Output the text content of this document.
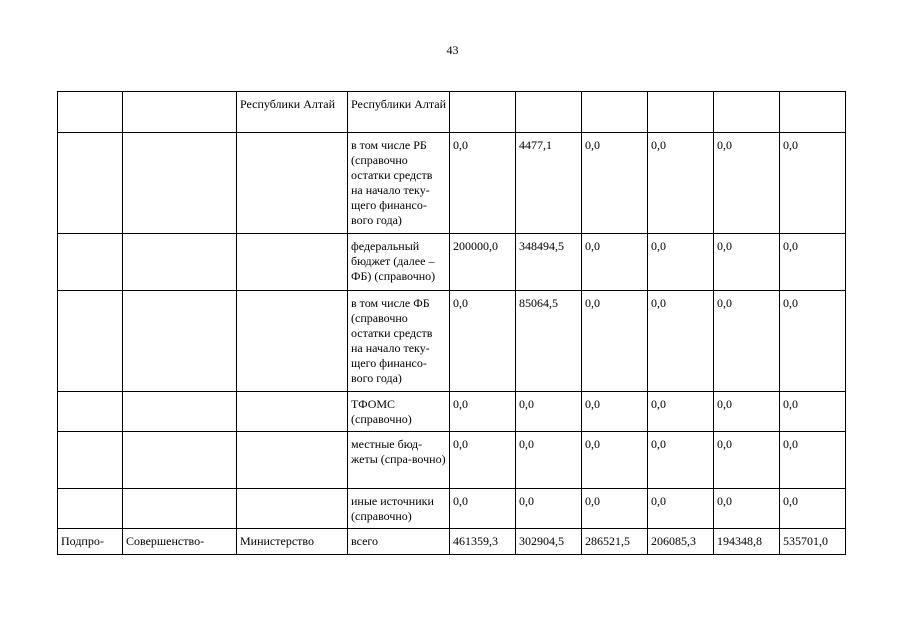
43
		Республики Алтай	Республики Алтай						
			в том числе РБ (справочно остатки средств на начало теку-щего финансо-вого года)	0,0	4477,1	0,0	0,0	0,0	0,0
			федеральный бюджет (далее – ФБ) (справочно)	200000,0	348494,5	0,0	0,0	0,0	0,0
			в том числе ФБ (справочно остатки средств на начало теку-щего финансо-вого года)	0,0	85064,5	0,0	0,0	0,0	0,0
			ТФОМС (справочно)	0,0	0,0	0,0	0,0	0,0	0,0
			местные бюд-жеты (спра-вочно)	0,0	0,0	0,0	0,0	0,0	0,0
			иные источники (справочно)	0,0	0,0	0,0	0,0	0,0	0,0
Подпро-	Совершенство-	Министерство	всего	461359,3	302904,5	286521,5	206085,3	194348,8	535701,0
